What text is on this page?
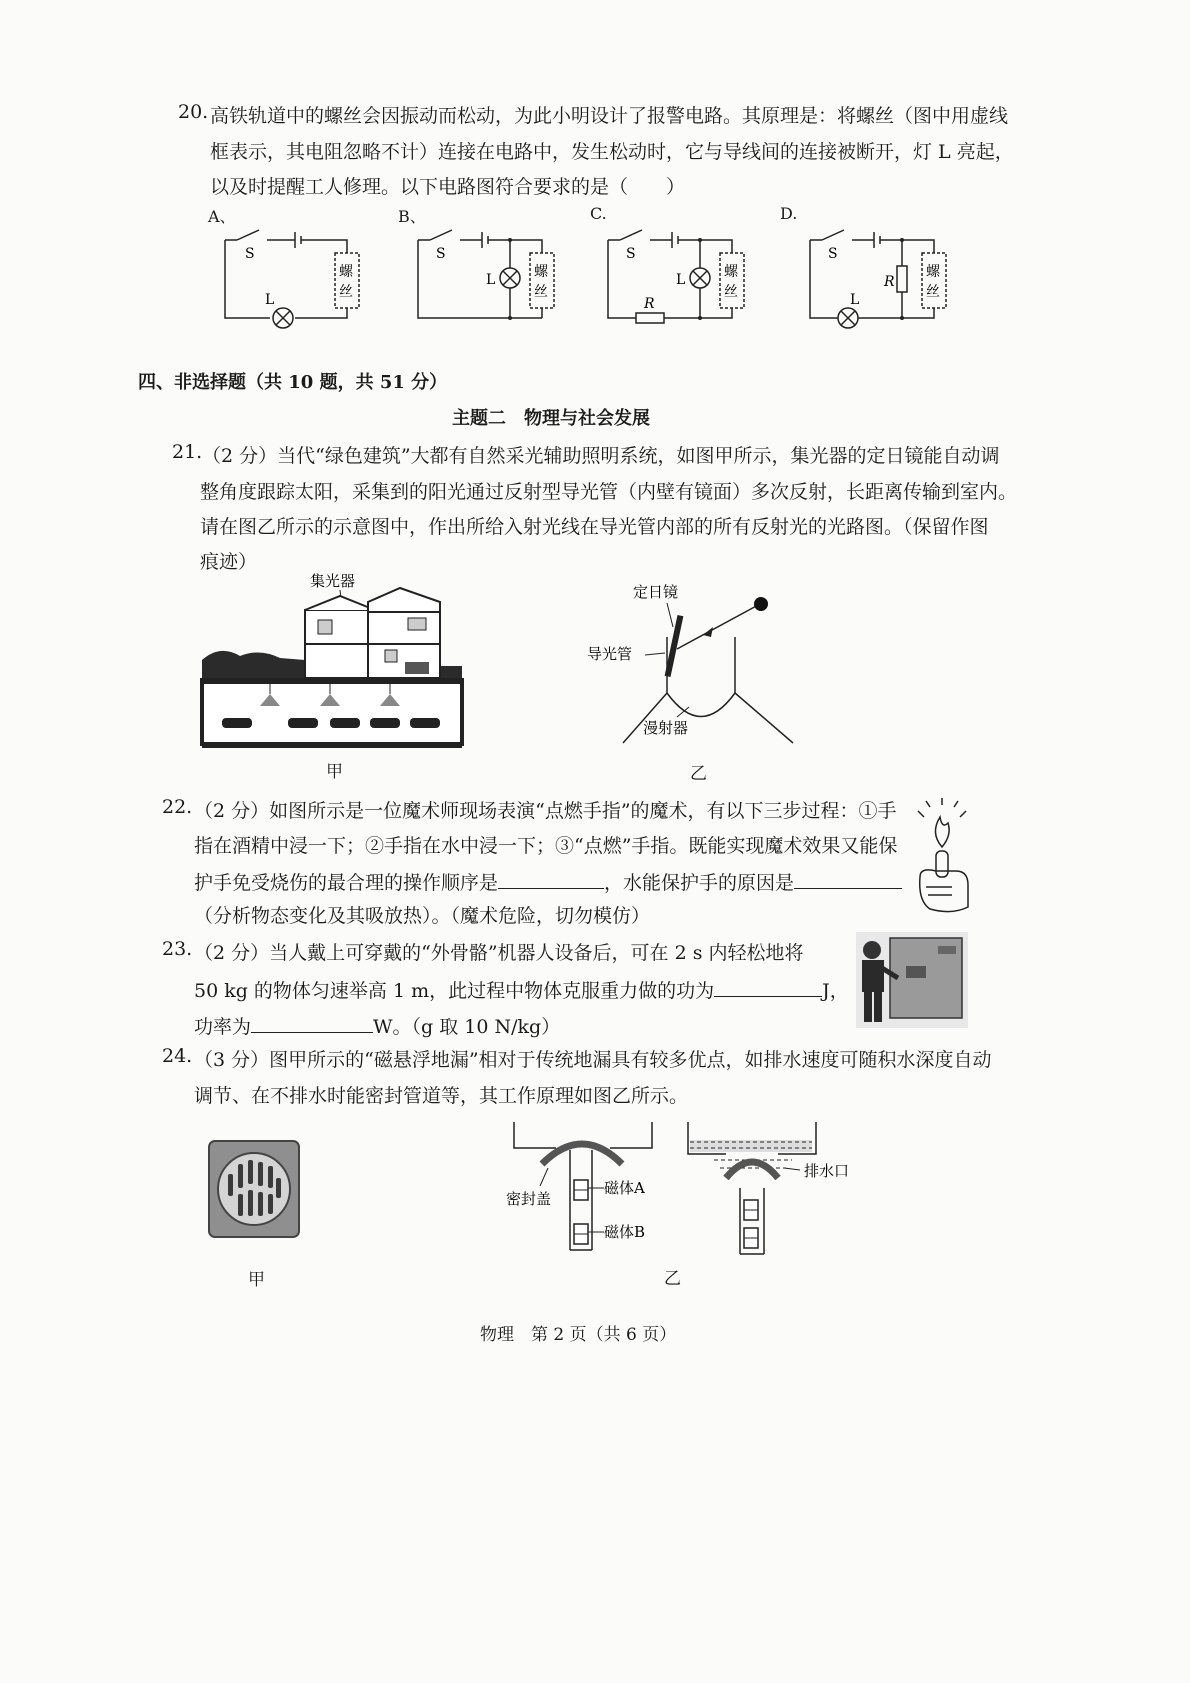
20. 高铁轨道中的螺丝会因振动而松动，为此小明设计了报警电路。其原理是：将螺丝（图中用虚线
框表示，其电阻忽略不计）连接在电路中，发生松动时，它与导线间的连接被断开，灯 L 亮起，
以及时提醒工人修理。以下电路图符合要求的是（　　）
A、	B、	C.	D.
S
L
螺
丝
S
L	螺
丝
S
L
R
螺
丝
S
L
R
螺
丝
四、非选择题（共 10 题，共 51 分）
主题二　物理与社会发展
21. （2 分）当代“绿色建筑”大都有自然采光辅助照明系统，如图甲所示，集光器的定日镜能自动调
整角度跟踪太阳，采集到的阳光通过反射型导光管（内壁有镜面）多次反射，长距离传输到室内。
请在图乙所示的示意图中，作出所给入射光线在导光管内部的所有反射光的光路图。（保留作图
痕迹）
集光器
甲
定日镜
导光管
漫射器
乙
22. （2 分）如图所示是一位魔术师现场表演“点燃手指”的魔术，有以下三步过程：①手
指在酒精中浸一下；②手指在水中浸一下；③“点燃”手指。既能实现魔术效果又能保
护手免受烧伤的最合理的操作顺序是	，水能保护手的原因是
（分析物态变化及其吸放热）。（魔术危险，切勿模仿）
23. （2 分）当人戴上可穿戴的“外骨骼”机器人设备后，可在 2 s 内轻松地将
50 kg 的物体匀速举高 1 m，此过程中物体克服重力做的功为	J，
功率为	W。（g 取 10 N/kg）
24. （3 分）图甲所示的“磁悬浮地漏”相对于传统地漏具有较多优点，如排水速度可随积水深度自动
调节、在不排水时能密封管道等，其工作原理如图乙所示。
甲
密封盖
磁体A
磁体B
排水口
乙
物理　第 2 页（共 6 页）
